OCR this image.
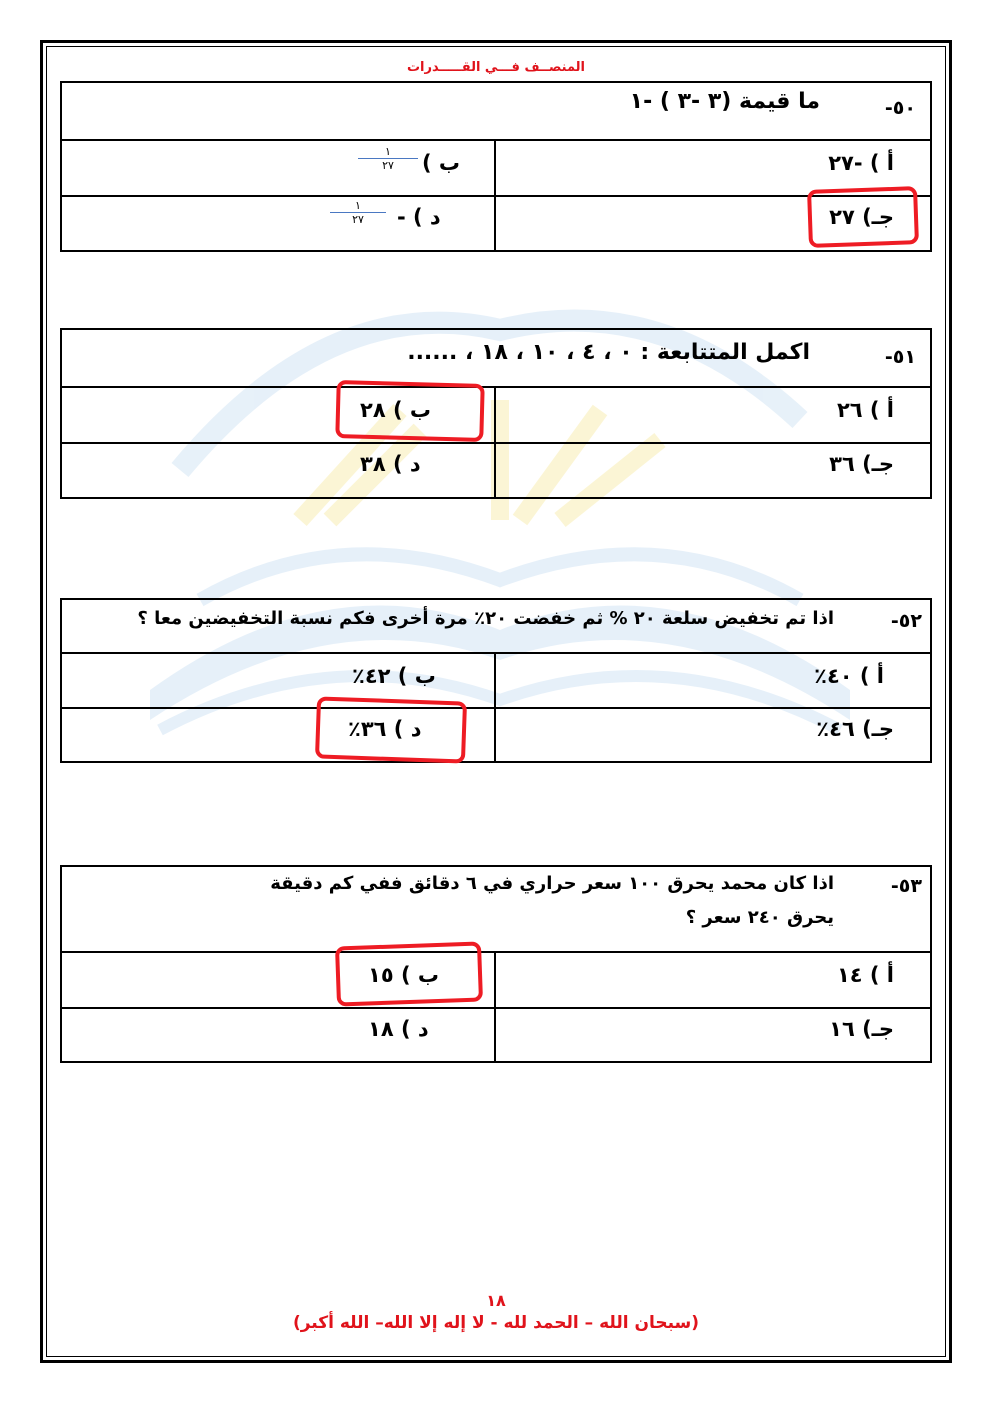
المنصــف فـــي القـــــدرات
٥٠-
ما قيمة (٣ -٣ ) -١
أ ) -٢٧
ب )
١
٢٧
جـ) ٢٧
د ) -
١
٢٧
٥١-
اكمل المتتابعة : ٠ ، ٤ ، ١٠ ، ١٨ ، ......
أ ) ٢٦
ب ) ٢٨
جـ) ٣٦
د ) ٣٨
٥٢-
اذا تم تخفيض سلعة ٢٠ % ثم خفضت ٢٠٪ مرة أخرى فكم نسبة التخفيضين معا ؟
أ ) ٤٠٪
ب ) ٤٢٪
جـ) ٤٦٪
د ) ٣٦٪
٥٣-
اذا كان محمد يحرق ١٠٠ سعر حراري في ٦ دقائق ففي كم دقيقة
يحرق ٢٤٠ سعر ؟
أ ) ١٤
ب ) ١٥
جـ) ١٦
د ) ١٨
١٨
(سبحان الله – الحمد لله - لا إله إلا الله– الله أكبر)
